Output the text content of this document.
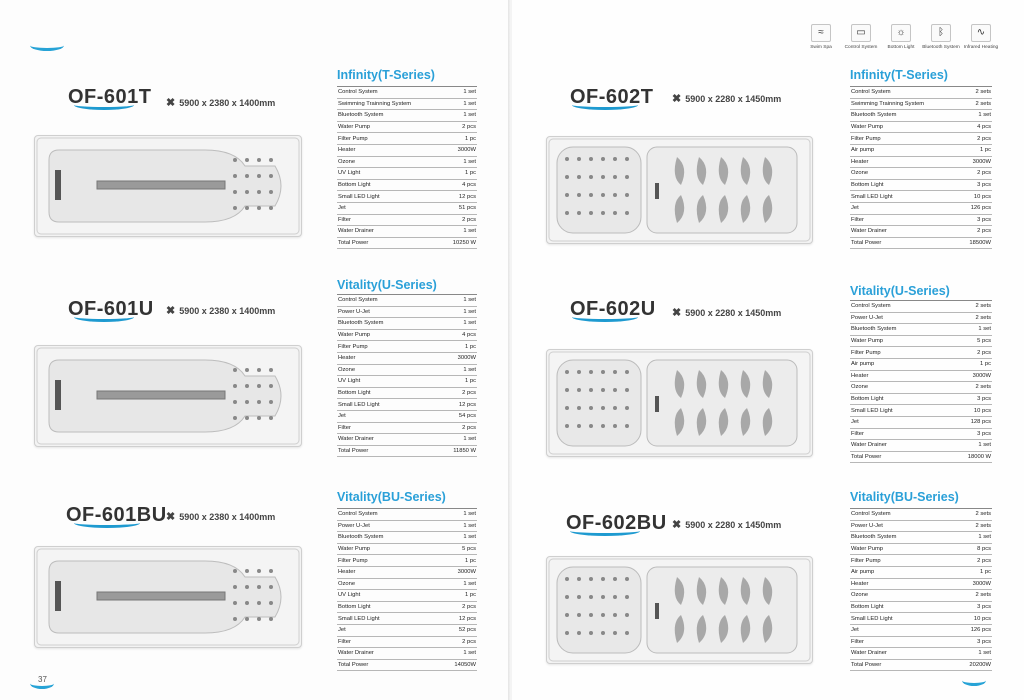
OF-601T ✖ 5900 x 2380 x 1400mm
Infinity(T-Series)
Control System	1 set
Swimming Trainning System	1 set
Bluetooth System	1 set
Water Pump	2 pcs
Filter Pump	1 pc
Heater	3000W
Ozone	1 set
UV Light	1 pc
Bottom Light	4 pcs
Small LED Light	12 pcs
Jet	51 pcs
Filter	2 pcs
Water Drainer	1 set
Total Power	10250 W
OF-601U ✖ 5900 x 2380 x 1400mm
Vitality(U-Series)
Control System	1 set
Power U-Jet	1 set
Bluetooth System	1 set
Water Pump	4 pcs
Filter Pump	1 pc
Heater	3000W
Ozone	1 set
UV Light	1 pc
Bottom Light	2 pcs
Small LED Light	12 pcs
Jet	54 pcs
Filter	2 pcs
Water Drainer	1 set
Total Power	11850 W
OF-601BU ✖ 5900 x 2380 x 1400mm
Vitality(BU-Series)
Control System	1 set
Power U-Jet	1 set
Bluetooth System	1 set
Water Pump	5 pcs
Filter Pump	1 pc
Heater	3000W
Ozone	1 set
UV Light	1 pc
Bottom Light	2 pcs
Small LED Light	12 pcs
Jet	52 pcs
Filter	2 pcs
Water Drainer	1 set
Total Power	14050W
37
≈
Swim Spa
▭
Control System
☼
Bottom Light
ᛒ
Bluetooth System
∿
Infrared Heating
OF-602T ✖ 5900 x 2280 x 1450mm
Infinity(T-Series)
Control System	2 sets
Swimming Trainning System	2 sets
Bluetooth System	1 set
Water Pump	4 pcs
Filter Pump	2 pcs
Air pump	1 pc
Heater	3000W
Ozone	2 pcs
Bottom Light	3 pcs
Small LED Light	10 pcs
Jet	126 pcs
Filter	3 pcs
Water Drainer	2 pcs
Total Power	18500W
OF-602U ✖ 5900 x 2280 x 1450mm
Vitality(U-Series)
Control System	2 sets
Power U-Jet	2 sets
Bluetooth System	1 set
Water Pump	5 pcs
Filter Pump	2 pcs
Air pump	1 pc
Heater	3000W
Ozone	2 sets
Bottom Light	3 pcs
Small LED Light	10 pcs
Jet	128 pcs
Filter	3 pcs
Water Drainer	1 set
Total Power	18000 W
OF-602BU ✖ 5900 x 2280 x 1450mm
Vitality(BU-Series)
Control System	2 sets
Power U-Jet	2 sets
Bluetooth System	1 set
Water Pump	8 pcs
Filter Pump	2 pcs
Air pump	1 pc
Heater	3000W
Ozone	2 sets
Bottom Light	3 pcs
Small LED Light	10 pcs
Jet	126 pcs
Filter	3 pcs
Water Drainer	1 set
Total Power	20200W
